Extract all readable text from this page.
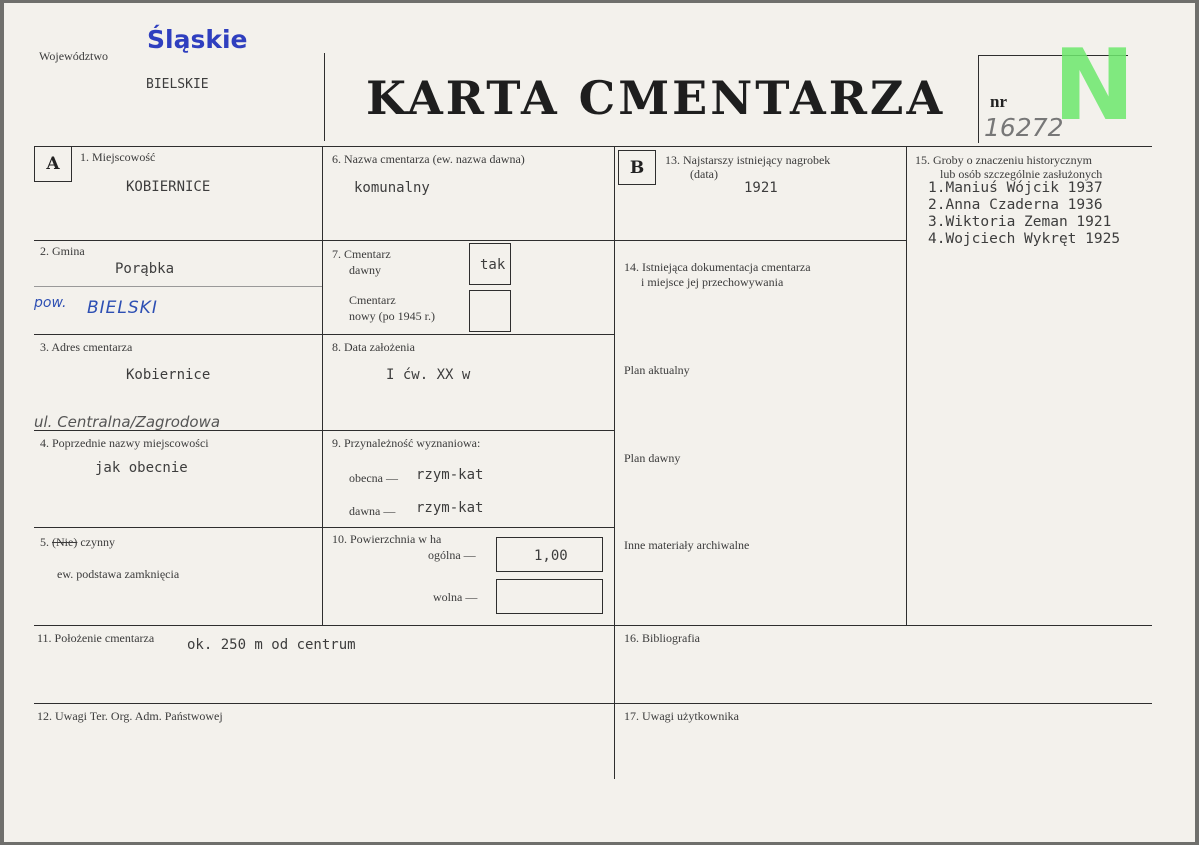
Województwo
Śląskie
BIELSKIE	KARTA CMENTARZA N
nr
16272
A	1. Miejscowość
KOBIERNICE
2. Gmina
Porąbka
pow. BIELSKI
3. Adres cmentarza
Kobiernice
ul. Centralna/Zagrodowa
4. Poprzednie nazwy miejscowości
jak obecnie
5. (Nie) czynny
ew. podstawa zamknięcia
6. Nazwa cmentarza (ew. nazwa dawna)
komunalny
7. Cmentarz
dawny	tak
Cmentarz
nowy (po 1945 r.)
8. Data założenia
I ćw. XX w
9. Przynależność wyznaniowa:
obecna — rzym-kat
dawna — rzym-kat
10. Powierzchnia w ha
ogólna —	1,00
wolna —
B	13. Najstarszy istniejący nagrobek
(data)
1921
14. Istniejąca dokumentacja cmentarza
i miejsce jej przechowywania
Plan aktualny
Plan dawny
Inne materiały archiwalne
15. Groby o znaczeniu historycznym
lub osób szczególnie zasłużonych
1.Maniuś Wójcik 1937
2.Anna Czaderna 1936
3.Wiktoria Zeman 1921
4.Wojciech Wykręt 1925
11. Położenie cmentarza ok. 250 m od centrum
12. Uwagi Ter. Org. Adm. Państwowej
16. Bibliografia
17. Uwagi użytkownika
